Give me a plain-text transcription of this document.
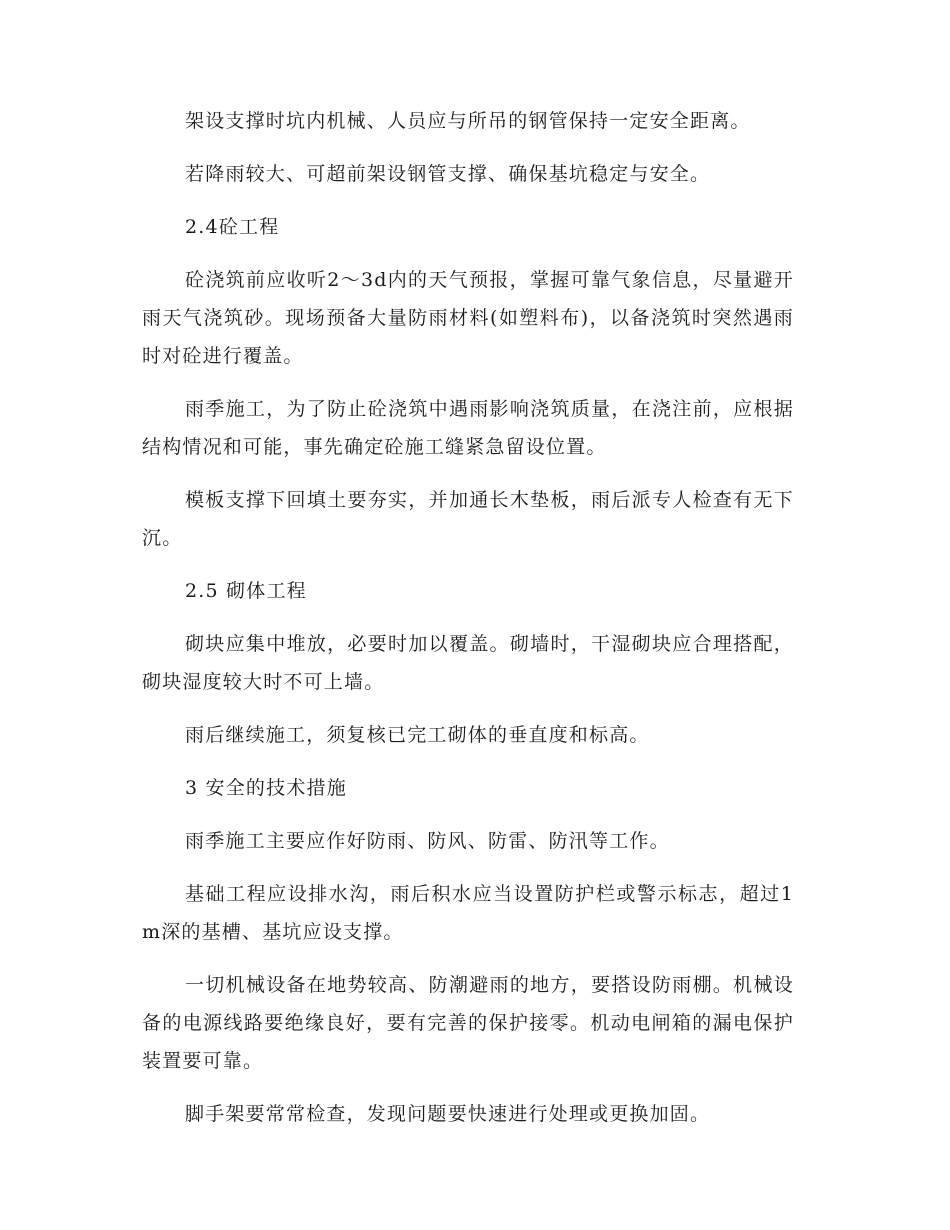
架设支撑时坑内机械、人员应与所吊的钢管保持一定安全距离。

若降雨较大、可超前架设钢管支撑、确保基坑稳定与安全。

2.4砼工程

砼浇筑前应收听2～3d内的天气预报，掌握可靠气象信息，尽量避开雨天气浇筑砂。现场预备大量防雨材料(如塑料布)，以备浇筑时突然遇雨时对砼进行覆盖。

雨季施工，为了防止砼浇筑中遇雨影响浇筑质量，在浇注前，应根据结构情况和可能，事先确定砼施工缝紧急留设位置。

模板支撑下回填土要夯实，并加通长木垫板，雨后派专人检查有无下沉。

2.5 砌体工程

砌块应集中堆放，必要时加以覆盖。砌墙时，干湿砌块应合理搭配，砌块湿度较大时不可上墙。

雨后继续施工，须复核已完工砌体的垂直度和标高。

3 安全的技术措施

雨季施工主要应作好防雨、防风、防雷、防汛等工作。

基础工程应设排水沟，雨后积水应当设置防护栏或警示标志，超过1m深的基槽、基坑应设支撑。

一切机械设备在地势较高、防潮避雨的地方，要搭设防雨棚。机械设备的电源线路要绝缘良好，要有完善的保护接零。机动电闸箱的漏电保护装置要可靠。

脚手架要常常检查，发现问题要快速进行处理或更换加固。
